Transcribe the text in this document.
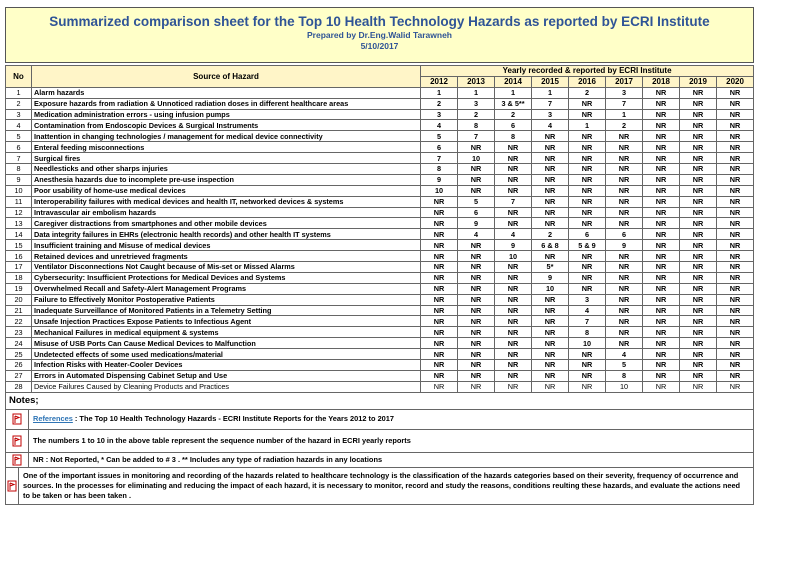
Summarized comparison sheet for the Top 10 Health Technology Hazards as reported by ECRI Institute
Prepared by Dr.Eng.Walid Tarawneh
5/10/2017
No	Source of Hazard	Yearly recorded & reported by ECRI Institute								
		2012	2013	2014	2015	2016	2017	2018	2019	2020
1	Alarm hazards	1	1	1	1	2	3	NR	NR	NR
2	Exposure hazards from radiation & Unnoticed radiation doses in different healthcare areas	2	3	3 & 5**	7	NR	7	NR	NR	NR
3	Medication administration errors - using infusion pumps	3	2	2	3	NR	1	NR	NR	NR
4	Contamination from Endoscopic Devices & Surgical Instruments	4	8	6	4	1	2	NR	NR	NR
5	Inattention in changing technologies / management for medical device connectivity	5	7	8	NR	NR	NR	NR	NR	NR
6	Enteral feeding misconnections	6	NR	NR	NR	NR	NR	NR	NR	NR
7	Surgical fires	7	10	NR	NR	NR	NR	NR	NR	NR
8	Needlesticks and other sharps injuries	8	NR	NR	NR	NR	NR	NR	NR	NR
9	Anesthesia hazards due to incomplete pre-use inspection	9	NR	NR	NR	NR	NR	NR	NR	NR
10	Poor usability of home-use medical devices	10	NR	NR	NR	NR	NR	NR	NR	NR
11	Interoperability failures with medical devices and health IT, networked devices & systems	NR	5	7	NR	NR	NR	NR	NR	NR
12	Intravascular air embolism hazards	NR	6	NR	NR	NR	NR	NR	NR	NR
13	Caregiver distractions from smartphones and other mobile devices	NR	9	NR	NR	NR	NR	NR	NR	NR
14	Data integrity failures in EHRs (electronic health records) and other health IT systems	NR	4	4	2	6	6	NR	NR	NR
15	Insufficient training and Misuse of medical devices	NR	NR	9	6 & 8	5 & 9	9	NR	NR	NR
16	Retained devices and unretrieved fragments	NR	NR	10	NR	NR	NR	NR	NR	NR
17	Ventilator Disconnections Not Caught because of Mis-set or Missed Alarms	NR	NR	NR	5*	NR	NR	NR	NR	NR
18	Cybersecurity: Insufficient Protections for Medical Devices and Systems	NR	NR	NR	9	NR	NR	NR	NR	NR
19	Overwhelmed Recall and Safety-Alert Management Programs	NR	NR	NR	10	NR	NR	NR	NR	NR
20	Failure to Effectively Monitor Postoperative Patients	NR	NR	NR	NR	3	NR	NR	NR	NR
21	Inadequate Surveillance of Monitored Patients in a Telemetry Setting	NR	NR	NR	NR	4	NR	NR	NR	NR
22	Unsafe Injection Practices Expose Patients to Infectious Agent	NR	NR	NR	NR	7	NR	NR	NR	NR
23	Mechanical Failures in medical equipment & systems	NR	NR	NR	NR	8	NR	NR	NR	NR
24	Misuse of USB Ports Can Cause Medical Devices to Malfunction	NR	NR	NR	NR	10	NR	NR	NR	NR
25	Undetected effects of some used medications/material	NR	NR	NR	NR	NR	4	NR	NR	NR
26	Infection Risks with Heater-Cooler Devices	NR	NR	NR	NR	NR	5	NR	NR	NR
27	Errors in Automated Dispensing Cabinet Setup and Use	NR	NR	NR	NR	NR	8	NR	NR	NR
28	Device Failures Caused by Cleaning Products and Practices	NR	NR	NR	NR	NR	10	NR	NR	NR
Notes;
References : The Top 10 Health Technology Hazards - ECRI Institute Reports for the Years 2012 to 2017
The numbers 1 to 10 in the above table represent the sequence number of the hazard in ECRI yearly reports
NR : Not Reported, * Can be added to # 3 . ** Includes any type of radiation hazards in any locations
One of the important issues in monitoring and recording of the hazards related to healthcare technology is the classification of the hazards categories based on their severity, frequency of occurrence and sources. In the processes for eliminating and reducing the impact of each hazard, it is necessary to monitor, record and study the reasons, conditions reulting these hazards, and evaluate the actions need to be taken or has been taken .
